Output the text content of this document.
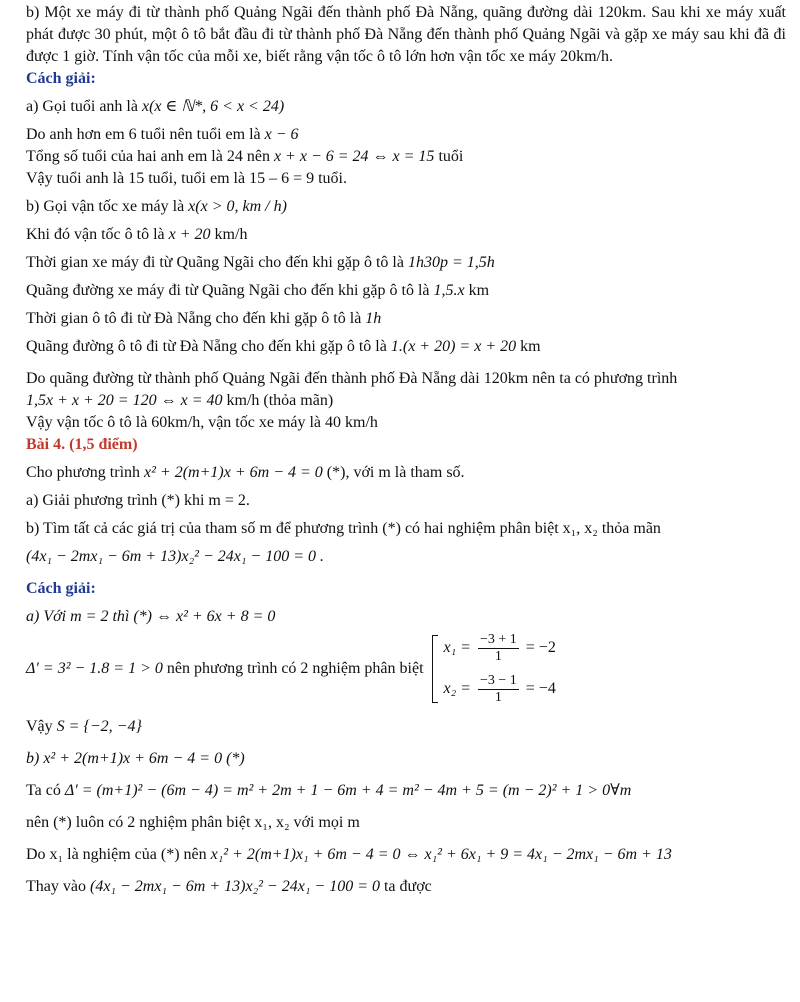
b) Một xe máy đi từ thành phố Quảng Ngãi đến thành phố Đà Nẵng, quãng đường dài 120km. Sau khi xe máy xuất phát được 30 phút, một ô tô bắt đầu đi từ thành phố Đà Nẵng đến thành phố Quảng Ngãi và gặp xe máy sau khi đã đi được 1 giờ. Tính vận tốc của mỗi xe, biết rằng vận tốc ô tô lớn hơn vận tốc xe máy 20km/h.

Cách giải:

a) Gọi tuổi anh là x(x ∈ ℕ*, 6 < x < 24)

Do anh hơn em 6 tuổi nên tuổi em là x − 6

Tổng số tuổi của hai anh em là 24 nên x + x − 6 = 24 ⇔ x = 15 tuổi

Vậy tuổi anh là 15 tuổi, tuổi em là 15 – 6 = 9 tuổi.

b) Gọi vận tốc xe máy là x(x > 0, km / h)

Khi đó vận tốc ô tô là x + 20 km/h

Thời gian xe máy đi từ Quãng Ngãi cho đến khi gặp ô tô là 1h30p = 1,5h

Quãng đường xe máy đi từ Quãng Ngãi cho đến khi gặp ô tô là 1,5.x km

Thời gian ô tô đi từ Đà Nẵng cho đến khi gặp ô tô là 1h

Quãng đường ô tô đi từ Đà Nẵng cho đến khi gặp ô tô là 1.(x + 20) = x + 20 km

Do quãng đường từ thành phố Quảng Ngãi đến thành phố Đà Nẵng dài 120km nên ta có phương trình

1,5x + x + 20 = 120 ⇔ x = 40 km/h (thỏa mãn)

Vậy vận tốc ô tô là 60km/h, vận tốc xe máy là 40 km/h

Bài 4. (1,5 điểm)

Cho phương trình x² + 2(m+1)x + 6m − 4 = 0 (*), với m là tham số.

a) Giải phương trình (*) khi m = 2.

b) Tìm tất cả các giá trị của tham số m để phương trình (*) có hai nghiệm phân biệt x₁, x₂ thỏa mãn

(4x₁ − 2mx₁ − 6m + 13)x₂² − 24x₁ − 100 = 0 .

Cách giải:

a) Với m = 2 thì (*) ⇔ x² + 6x + 8 = 0

Δ′ = 3² − 1.8 = 1 > 0 nên phương trình có 2 nghiệm phân biệt
$x_1 = \frac{-3 + 1}{1} = -2$
$x_2 = \frac{-3 - 1}{1} = -4$

Vậy S = {−2, −4}

b) x² + 2(m+1)x + 6m − 4 = 0 (*)

Ta có Δ′ = (m+1)² − (6m − 4) = m² + 2m + 1 − 6m + 4 = m² − 4m + 5 = (m − 2)² + 1 > 0∀m

nên (*) luôn có 2 nghiệm phân biệt x₁, x₂ với mọi m

Do x₁ là nghiệm của (*) nên x₁² + 2(m+1)x₁ + 6m − 4 = 0 ⇔ x₁² + 6x₁ + 9 = 4x₁ − 2mx₁ − 6m + 13

Thay vào (4x₁ − 2mx₁ − 6m + 13)x₂² − 24x₁ − 100 = 0 ta được
